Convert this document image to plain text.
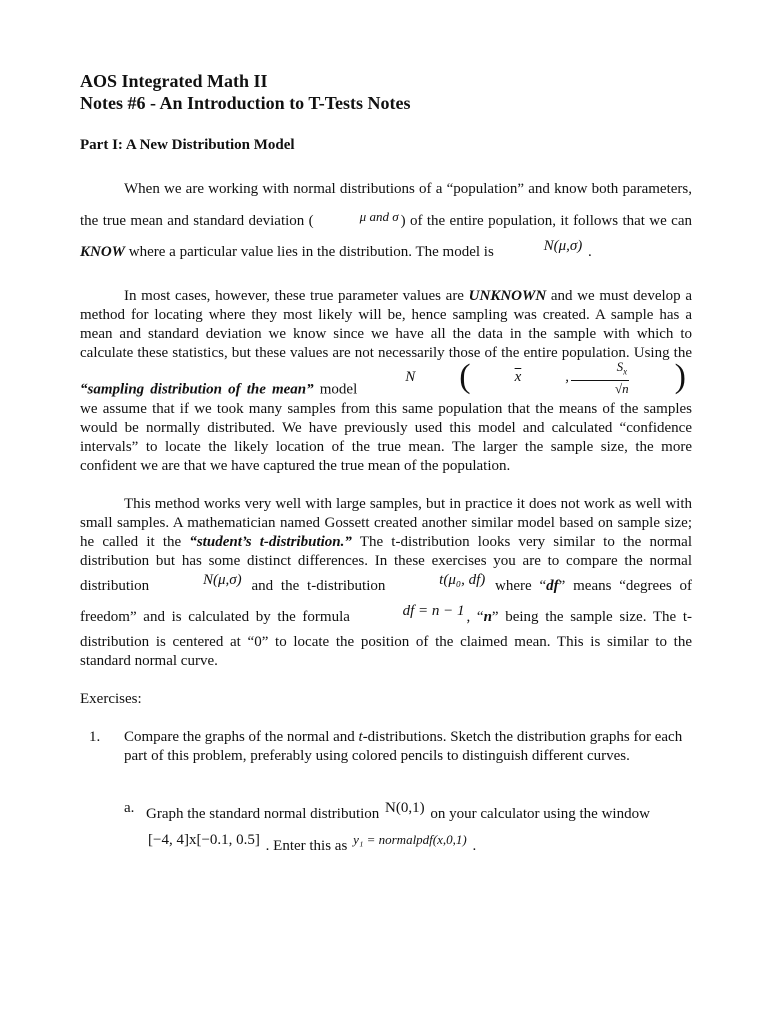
AOS Integrated Math II
Notes #6 - An Introduction to T-Tests Notes
Part I: A New Distribution Model

When we are working with normal distributions of a “population” and know both parameters, the true mean and standard deviation (	μ and σ ) of the entire population, it follows that we can KNOW where a particular value lies in the distribution. The model is	N(μ,σ) .

In most cases, however, these true parameter values are UNKNOWN and we must develop a method for locating where they most likely will be, hence sampling was created. A sample has a mean and standard deviation we know since we have all the data in the sample with which to calculate these statistics, but these values are not necessarily those of the entire population. Using the “sampling distribution of the mean” model
N	(	$\overline{x}$	, $\frac{S_x}{√n}$	)
we assume that if we took many samples from this same population that the means of the samples would be normally distributed. We have previously used this model and calculated “confidence intervals” to locate the likely location of the true mean. The larger the sample size, the more confident we are that we have captured the true mean of the population.

This method works very well with large samples, but in practice it does not work as well with small samples. A mathematician named Gossett created another similar model based on sample size; he called it the “student’s t-distribution.” The t-distribution looks very similar to the normal distribution but has some distinct differences. In these exercises you are to compare the normal distribution	N(μ,σ) and the t-distribution	t(μ₀, df) where “df” means “degrees of freedom” and is calculated by the formula	df = n − 1 , “n” being the sample size. The t-distribution is centered at “0” to locate the position of the claimed mean. This is similar to the standard normal curve.

Exercises:

1. Compare the graphs of the normal and t-distributions. Sketch the distribution graphs for each part of this problem, preferably using colored pencils to distinguish different curves.
a. Graph the standard normal distribution N(0,1) on your calculator using the window [−4, 4]x[−0.1, 0.5] . Enter this as y₁ = normalpdf(x,0,1) .
